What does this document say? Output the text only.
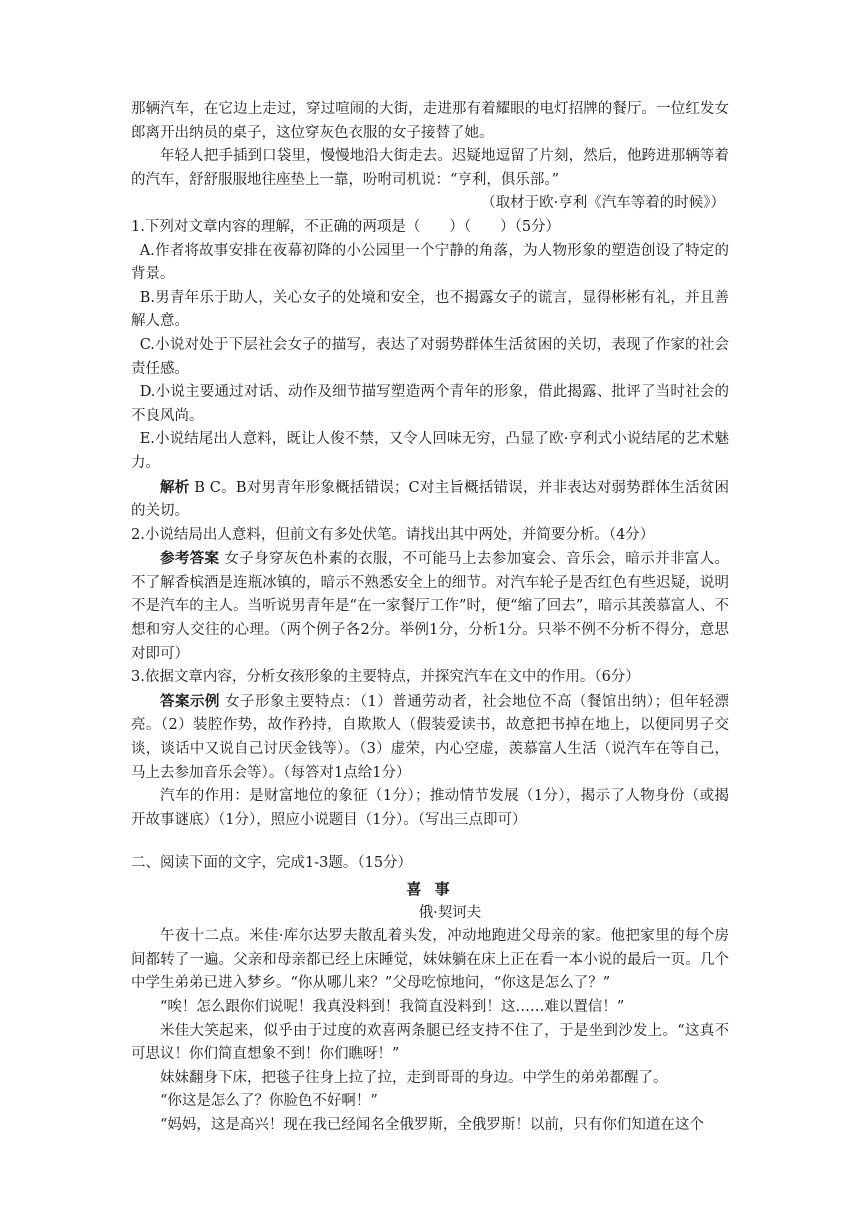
那辆汽车，在它边上走过，穿过喧闹的大街，走进那有着耀眼的电灯招牌的餐厅。一位红发女郎离开出纳员的桌子，这位穿灰色衣服的女子接替了她。

年轻人把手插到口袋里，慢慢地沿大街走去。迟疑地逗留了片刻，然后，他跨进那辆等着的汽车，舒舒服服地往座垫上一靠，吩咐司机说：“亨利，俱乐部。”

（取材于欧·亨利《汽车等着的时候》）

1.下列对文章内容的理解，不正确的两项是（　　）（　　）（5分）

A.作者将故事安排在夜幕初降的小公园里一个宁静的角落，为人物形象的塑造创设了特定的背景。

B.男青年乐于助人，关心女子的处境和安全，也不揭露女子的谎言，显得彬彬有礼，并且善解人意。

C.小说对处于下层社会女子的描写，表达了对弱势群体生活贫困的关切，表现了作家的社会责任感。

D.小说主要通过对话、动作及细节描写塑造两个青年的形象，借此揭露、批评了当时社会的不良风尚。

E.小说结尾出人意料，既让人俊不禁，又令人回味无穷，凸显了欧·亨利式小说结尾的艺术魅力。

解析 B C。B对男青年形象概括错误；C对主旨概括错误，并非表达对弱势群体生活贫困的关切。

2.小说结局出人意料，但前文有多处伏笔。请找出其中两处，并简要分析。（4分）

参考答案 女子身穿灰色朴素的衣服，不可能马上去参加宴会、音乐会，暗示并非富人。不了解香槟酒是连瓶冰镇的，暗示不熟悉安全上的细节。对汽车轮子是否红色有些迟疑，说明不是汽车的主人。当听说男青年是“在一家餐厅工作”时，便“缩了回去”，暗示其羡慕富人、不想和穷人交往的心理。（两个例子各2分。举例1分，分析1分。只举不例不分析不得分，意思对即可）

3.依据文章内容，分析女孩形象的主要特点，并探究汽车在文中的作用。（6分）

答案示例 女子形象主要特点：（1）普通劳动者，社会地位不高（餐馆出纳）；但年轻漂亮。（2）装腔作势，故作矜持，自欺欺人（假装爱读书，故意把书掉在地上，以便同男子交谈，谈话中又说自己讨厌金钱等）。（3）虚荣，内心空虚，羡慕富人生活（说汽车在等自己，马上去参加音乐会等）。（每答对1点给1分）

汽车的作用：是财富地位的象征（1分）；推动情节发展（1分），揭示了人物身份（或揭开故事谜底）（1分），照应小说题目（1分）。（写出三点即可）

二、阅读下面的文字，完成1-3题。（15分）

喜 事

俄·契诃夫

午夜十二点。米佳·库尔达罗夫散乱着头发，冲动地跑进父母亲的家。他把家里的每个房间都转了一遍。父亲和母亲都已经上床睡觉，妹妹躺在床上正在看一本小说的最后一页。几个中学生弟弟已进入梦乡。“你从哪儿来？”父母吃惊地问，“你这是怎么了？”

“唉！怎么跟你们说呢！我真没料到！我简直没料到！这……难以置信！”

米佳大笑起来，似乎由于过度的欢喜两条腿已经支持不住了，于是坐到沙发上。“这真不可思议！你们简直想象不到！你们瞧呀！”

妹妹翻身下床，把毯子往身上拉了拉，走到哥哥的身边。中学生的弟弟都醒了。

“你这是怎么了？你脸色不好啊！”

“妈妈，这是高兴！现在我已经闻名全俄罗斯，全俄罗斯！以前，只有你们知道在这个
